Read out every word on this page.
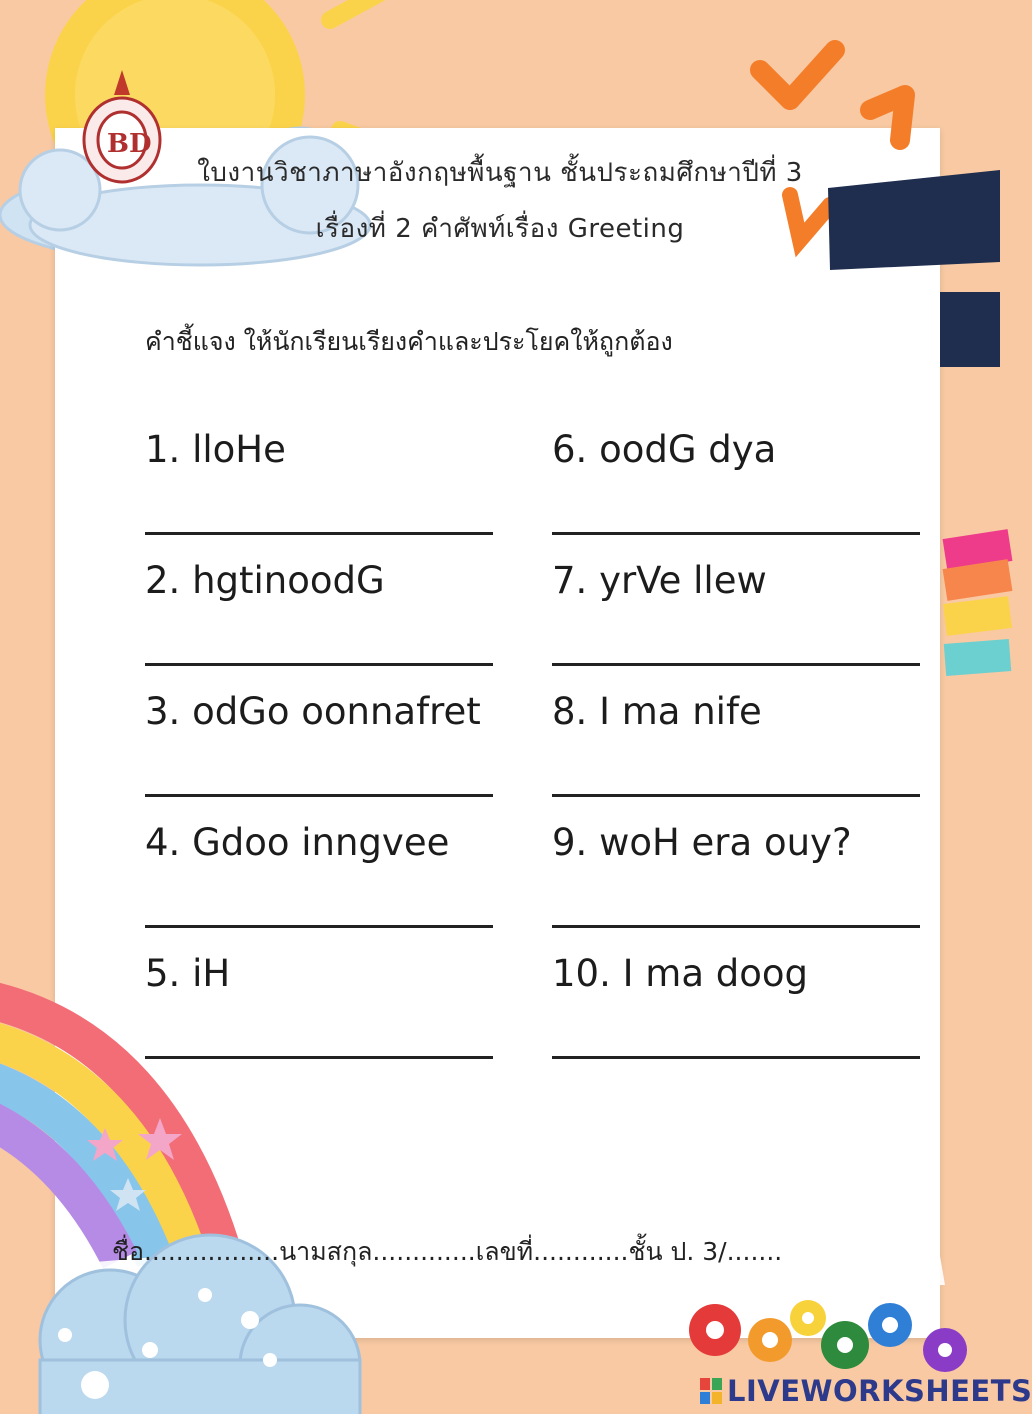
BD
ใบงานวิชาภาษาอังกฤษพื้นฐาน ชั้นประถมศึกษาปีที่ 3
เรื่องที่ 2 คำศัพท์เรื่อง Greeting
คำชี้แจง ให้นักเรียนเรียงคำและประโยคให้ถูกต้อง
1. lloHe
2. hgtinoodG
3. odGo oonnafret
4. Gdoo inngvee
5. iH
6. oodG dya
7. yrVe llew
8. I ma nife
9. woH era ouy?
10. I ma doog
ชื่อ.................นามสกุล.............เลขที่............ชั้น ป. 3/.......
LIVEWORKSHEETS
